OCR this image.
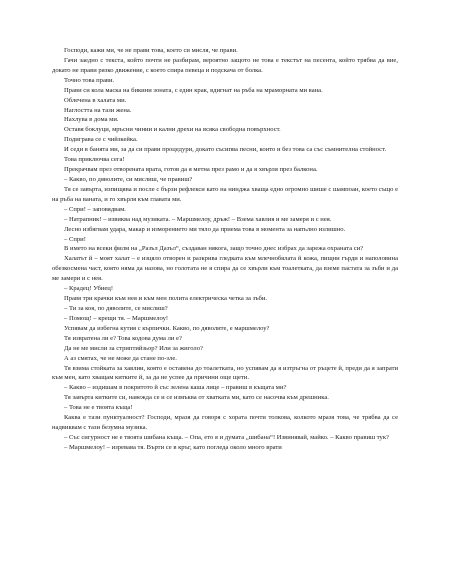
Господи, кажи ми, че не прави това, което си мисля, че прави.

Гачи заедно с текста, който почти не разбирам, вероятно защото не това е текстът на песента, който трябва да вие, докато не прави рязко движение, с което спира певеца и подскача от болка.

Точно това прави.

Прави си кола маска на бикини зоната, с един крак, вдигнат на ръба на мраморната ми вана.

Облечена в халата ми.

Наглостта на тази жена.

Нахлува в дома ми.

Оставя боклуци, мръсни чинии и кални дрехи на всяка свободна повърхност.

Подиграва се с чийзкейка.

И седи в банята ми, за да си прави процедури, докато съсипва песни, които и без това са със съмнителна стойност.

Това приключва сега!

Прекрачвам през отворената врата, готов да я метна през рамо и да я хвърля през балкона.

– Какво, по дяволите, си мислиш, че правиш?

Тя се завърта, изпищява и после с бързи рефлекси като на нинджа хваща едно огромно шише с шампоан, което също е на ръба на ваната, и го хвърля към главата ми.

– Спри! – заповядвам.

– Натрапник! – извиква над музиката. – Маршмелоу, дръж! – Взема хавлия и ме замеря и с нея.

Лесно избягвам удара, макар и изморението ми тяло да приема това в момента за напълно излишно.

– Спри!

В името на всеки филм на „Разъл Дазъл“, създаван някога, защо точно днес избрах да зарежа охраната си?

Халатът й – моят халат – е изцяло отворен и разкрива гледката към млечнобялата й кожа, пищни гърди и наполовина обезкосмена част, която няма да назова, но голотата не я спира да се хвърли към тоалетката, да вземе пастата за зъби и да ме замери и с нея.

– Крадец! Убиец!

Правя три крачки към нея и към мен полита електрическа четка за зъби.

– Ти за коя, по дяволите, се мислиш?

– Помощ! – крещи тя. – Маршмелоу!

Успявам да избегна кутия с кърпички. Какво, по дяволите, е маршмелоу?

Тя извратена ли е? Това кодова дума ли е?

Да не ме мисли за стриптийзьор? Или за жиголо?

А аз смятах, че не може да стане по-зле.

Тя взима стойката за хавлии, която е оставена до тоалетката, но успявам да я изтръгна от ръцете й, преди да я запрати към мен, като хващам китките й, за да не успее да причини още щети.

– Какво – издишам в покритото й със зелена каша лице – правиш в къщата ми?

Тя завърта китките си, навежда се и се измъква от хватката ми, като се насочва към дрешника.

– Това не е твоята къща!

Каква е тази пунктуалност? Господи, мразя да говоря с хората почти толкова, колкото мразя това, че трябва да се надвиквам с тази безумна музика.

– Със сигурност не е твоята шибана къща. – Опа, ето я и думата „шибана“! Извинявай, майко. – Какво правиш тук?

– Маршмелоу! – изревава тя. Върти се в кръг, като погледа около много врати
